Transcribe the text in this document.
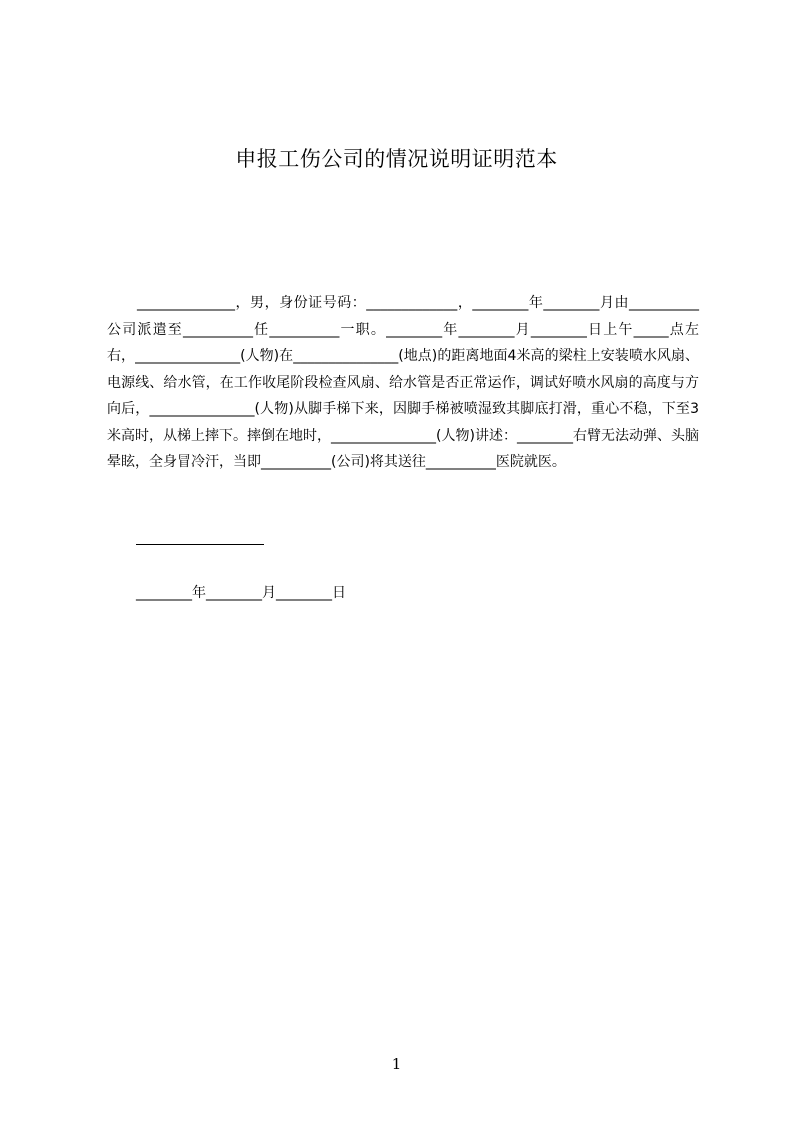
申报工伤公司的情况说明证明范本

______________，男，身份证号码：_____________，________年________月由__________公司派遣至__________任__________一职。________年________月________日上午_____点左右，_______________(人物)在_______________(地点)的距离地面4米高的梁柱上安装喷水风扇、电源线、给水管，在工作收尾阶段检查风扇、给水管是否正常运作，调试好喷水风扇的高度与方向后，_______________(人物)从脚手梯下来，因脚手梯被喷湿致其脚底打滑，重心不稳，下至3米高时，从梯上摔下。摔倒在地时，_______________(人物)讲述：________右臂无法动弹、头脑晕眩，全身冒冷汗，当即__________(公司)将其送往__________医院就医。

________年________月________日

1
